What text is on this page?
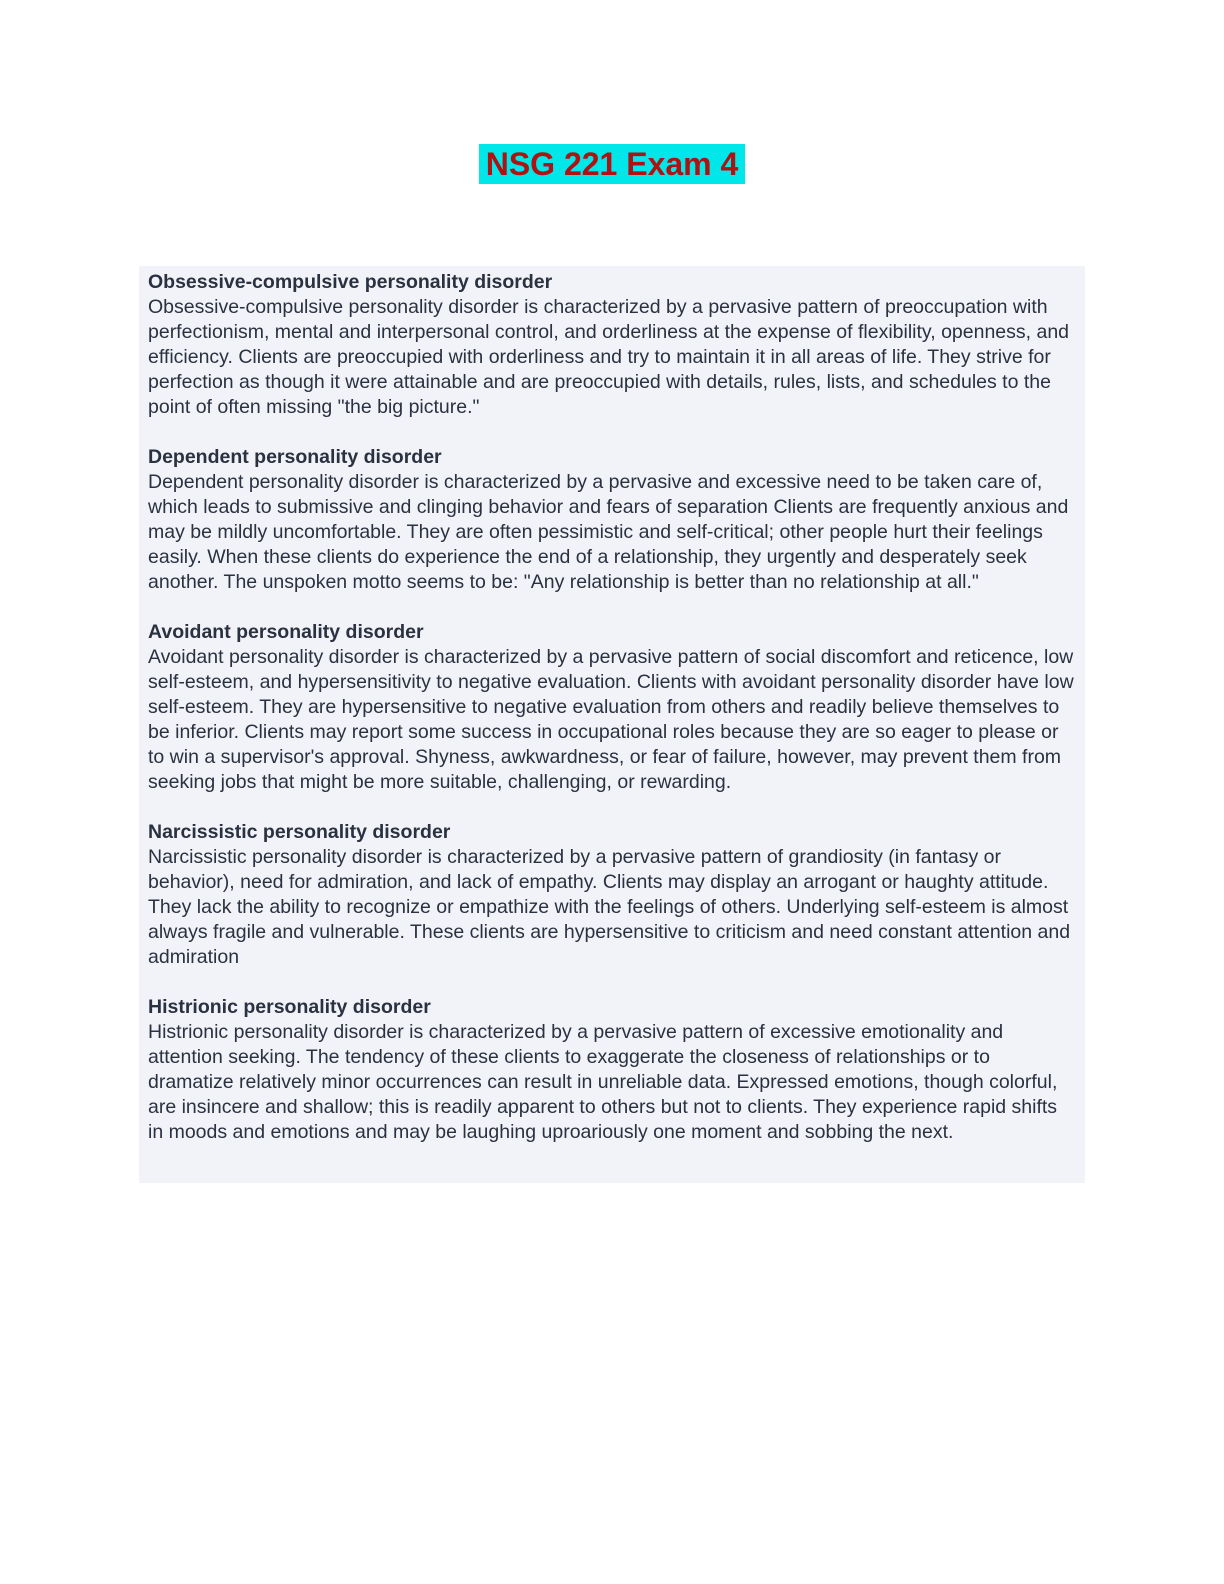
NSG 221 Exam 4
Obsessive-compulsive personality disorder

Obsessive-compulsive personality disorder is characterized by a pervasive pattern of preoccupation with perfectionism, mental and interpersonal control, and orderliness at the expense of flexibility, openness, and efficiency. Clients are preoccupied with orderliness and try to maintain it in all areas of life. They strive for perfection as though it were attainable and are preoccupied with details, rules, lists, and schedules to the point of often missing "the big picture."

Dependent personality disorder

Dependent personality disorder is characterized by a pervasive and excessive need to be taken care of, which leads to submissive and clinging behavior and fears of separation Clients are frequently anxious and may be mildly uncomfortable. They are often pessimistic and self-critical; other people hurt their feelings easily. When these clients do experience the end of a relationship, they urgently and desperately seek another. The unspoken motto seems to be: "Any relationship is better than no relationship at all."

Avoidant personality disorder

Avoidant personality disorder is characterized by a pervasive pattern of social discomfort and reticence, low self-esteem, and hypersensitivity to negative evaluation. Clients with avoidant personality disorder have low self-esteem. They are hypersensitive to negative evaluation from others and readily believe themselves to be inferior. Clients may report some success in occupational roles because they are so eager to please or to win a supervisor's approval. Shyness, awkwardness, or fear of failure, however, may prevent them from seeking jobs that might be more suitable, challenging, or rewarding.

Narcissistic personality disorder

Narcissistic personality disorder is characterized by a pervasive pattern of grandiosity (in fantasy or behavior), need for admiration, and lack of empathy. Clients may display an arrogant or haughty attitude. They lack the ability to recognize or empathize with the feelings of others. Underlying self-esteem is almost always fragile and vulnerable. These clients are hypersensitive to criticism and need constant attention and admiration

Histrionic personality disorder

Histrionic personality disorder is characterized by a pervasive pattern of excessive emotionality and attention seeking. The tendency of these clients to exaggerate the closeness of relationships or to dramatize relatively minor occurrences can result in unreliable data. Expressed emotions, though colorful, are insincere and shallow; this is readily apparent to others but not to clients. They experience rapid shifts in moods and emotions and may be laughing uproariously one moment and sobbing the next.
